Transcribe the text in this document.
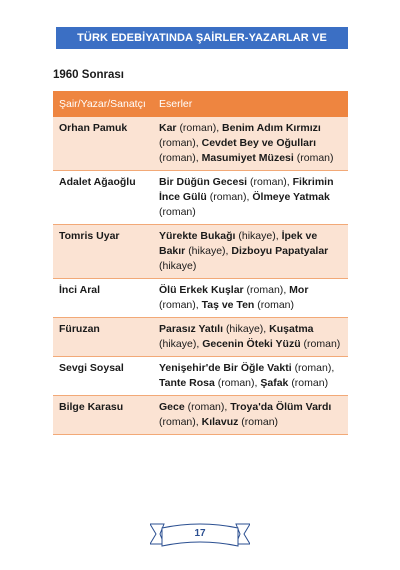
TÜRK EDEBİYATINDA ŞAİRLER-YAZARLAR VE ESERLERİ
1960 Sonrası
Şair/Yazar/Sanatçı	Eserler
Orhan Pamuk	Kar (roman), Benim Adım Kırmızı (roman), Cevdet Bey ve Oğulları (roman), Masumiyet Müzesi (roman)
Adalet Ağaoğlu	Bir Düğün Gecesi (roman), Fikrimin İnce Gülü (roman), Ölmeye Yatmak (roman)
Tomris Uyar	Yürekte Bukağı (hikaye), İpek ve Bakır (hikaye), Dizboyu Papatyalar (hikaye)
İnci Aral	Ölü Erkek Kuşlar (roman), Mor (roman), Taş ve Ten (roman)
Füruzan	Parasız Yatılı (hikaye), Kuşatma (hikaye), Gecenin Öteki Yüzü (roman)
Sevgi Soysal	Yenişehir'de Bir Öğle Vakti (roman), Tante Rosa (roman), Şafak (roman)
Bilge Karasu	Gece (roman), Troya'da Ölüm Vardı (roman), Kılavuz (roman)
17
